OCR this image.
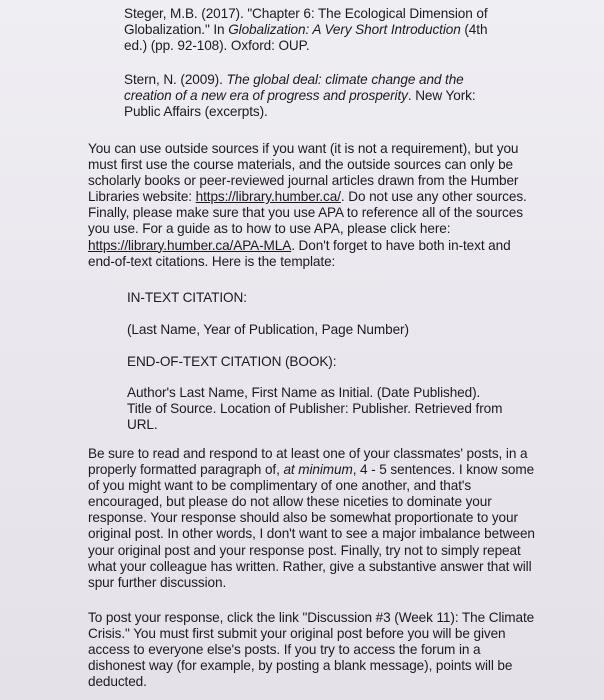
Steger, M.B. (2017). "Chapter 6: The Ecological Dimension of
Globalization." In Globalization: A Very Short Introduction (4th
ed.) (pp. 92-108). Oxford: OUP.
Stern, N. (2009). The global deal: climate change and the
creation of a new era of progress and prosperity. New York:
Public Affairs (excerpts).
You can use outside sources if you want (it is not a requirement), but you
must first use the course materials, and the outside sources can only be
scholarly books or peer-reviewed journal articles drawn from the Humber
Libraries website: https://library.humber.ca/. Do not use any other sources.
Finally, please make sure that you use APA to reference all of the sources
you use. For a guide as to how to use APA, please click here:
https://library.humber.ca/APA-MLA. Don't forget to have both in-text and
end-of-text citations. Here is the template:
IN-TEXT CITATION:
(Last Name, Year of Publication, Page Number)
END-OF-TEXT CITATION (BOOK):
Author's Last Name, First Name as Initial. (Date Published).
Title of Source. Location of Publisher: Publisher. Retrieved from
URL.
Be sure to read and respond to at least one of your classmates' posts, in a
properly formatted paragraph of, at minimum, 4 - 5 sentences. I know some
of you might want to be complimentary of one another, and that's
encouraged, but please do not allow these niceties to dominate your
response. Your response should also be somewhat proportionate to your
original post. In other words, I don't want to see a major imbalance between
your original post and your response post. Finally, try not to simply repeat
what your colleague has written. Rather, give a substantive answer that will
spur further discussion.
To post your response, click the link "Discussion #3 (Week 11): The Climate
Crisis." You must first submit your original post before you will be given
access to everyone else's posts. If you try to access the forum in a
dishonest way (for example, by posting a blank message), points will be
deducted.
